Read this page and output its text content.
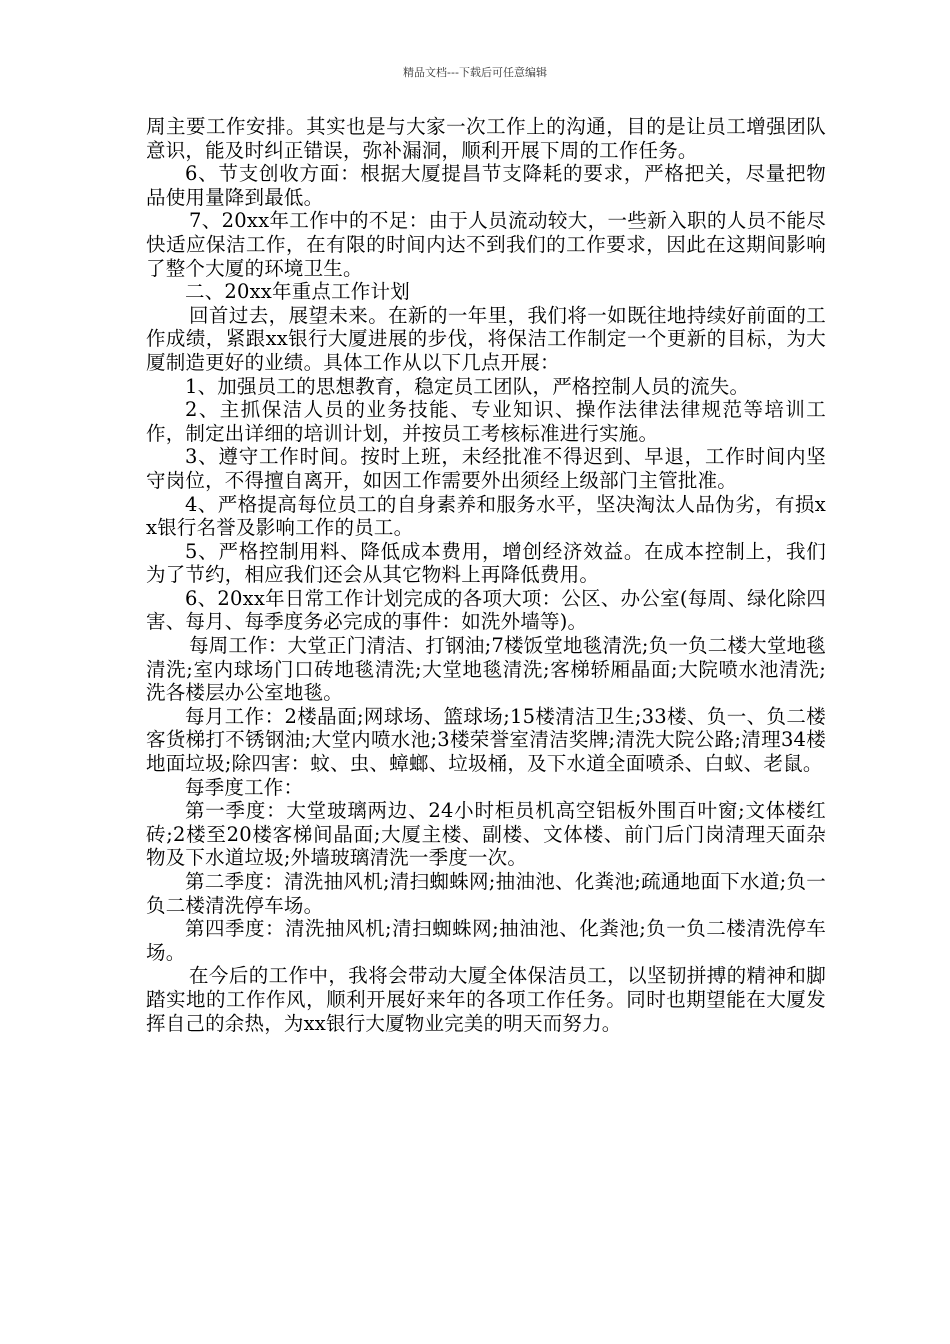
精品文档---下载后可任意编辑

周主要工作安排。其实也是与大家一次工作上的沟通，目的是让员工增强团队意识，能及时纠正错误，弥补漏洞，顺利开展下周的工作任务。

6、节支创收方面：根据大厦提昌节支降耗的要求，严格把关，尽量把物品使用量降到最低。

7、20xx年工作中的不足：由于人员流动较大，一些新入职的人员不能尽快适应保洁工作，在有限的时间内达不到我们的工作要求，因此在这期间影响了整个大厦的环境卫生。

二、20xx年重点工作计划

回首过去，展望未来。在新的一年里，我们将一如既往地持续好前面的工作成绩，紧跟xx银行大厦进展的步伐，将保洁工作制定一个更新的目标，为大厦制造更好的业绩。具体工作从以下几点开展：

1、加强员工的思想教育，稳定员工团队，严格控制人员的流失。

2、主抓保洁人员的业务技能、专业知识、操作法律法律规范等培训工作，制定出详细的培训计划，并按员工考核标准进行实施。

3、遵守工作时间。按时上班，未经批准不得迟到、早退，工作时间内坚守岗位，不得擅自离开，如因工作需要外出须经上级部门主管批准。

4、严格提高每位员工的自身素养和服务水平，坚决淘汰人品伪劣，有损xx银行名誉及影响工作的员工。

5、严格控制用料、降低成本费用，增创经济效益。在成本控制上，我们为了节约，相应我们还会从其它物料上再降低费用。

6、20xx年日常工作计划完成的各项大项：公区、办公室(每周、绿化除四害、每月、每季度务必完成的事件：如洗外墙等)。

每周工作：大堂正门清洁、打钢油;7楼饭堂地毯清洗;负一负二楼大堂地毯清洗;室内球场门口砖地毯清洗;大堂地毯清洗;客梯轿厢晶面;大院喷水池清洗;洗各楼层办公室地毯。

每月工作：2楼晶面;网球场、篮球场;15楼清洁卫生;33楼、负一、负二楼客货梯打不锈钢油;大堂内喷水池;3楼荣誉室清洁奖牌;清洗大院公路;清理34楼地面垃圾;除四害：蚊、虫、蟑螂、垃圾桶，及下水道全面喷杀、白蚁、老鼠。

每季度工作：

第一季度：大堂玻璃两边、24小时柜员机高空铝板外围百叶窗;文体楼红砖;2楼至20楼客梯间晶面;大厦主楼、副楼、文体楼、前门后门岗清理天面杂物及下水道垃圾;外墙玻璃清洗一季度一次。

第二季度：清洗抽风机;清扫蜘蛛网;抽油池、化粪池;疏通地面下水道;负一负二楼清洗停车场。

第四季度：清洗抽风机;清扫蜘蛛网;抽油池、化粪池;负一负二楼清洗停车场。

在今后的工作中，我将会带动大厦全体保洁员工，以坚韧拼搏的精神和脚踏实地的工作作风，顺利开展好来年的各项工作任务。同时也期望能在大厦发挥自己的余热，为xx银行大厦物业完美的明天而努力。
